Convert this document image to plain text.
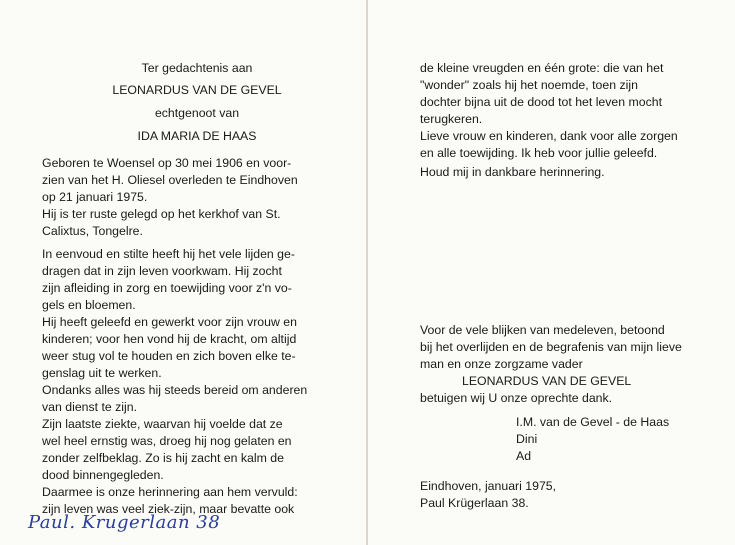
Ter gedachtenis aan
LEONARDUS VAN DE GEVEL
echtgenoot van
IDA MARIA DE HAAS
Geboren te Woensel op 30 mei 1906 en voor-
zien van het H. Oliesel overleden te Eindhoven
op 21 januari 1975.
Hij is ter ruste gelegd op het kerkhof van St.
Calixtus, Tongelre.
In eenvoud en stilte heeft hij het vele lijden ge-
dragen dat in zijn leven voorkwam. Hij zocht
zijn afleiding in zorg en toewijding voor z'n vo-
gels en bloemen.
Hij heeft geleefd en gewerkt voor zijn vrouw en
kinderen; voor hen vond hij de kracht, om altijd
weer stug vol te houden en zich boven elke te-
genslag uit te werken.
Ondanks alles was hij steeds bereid om anderen
van dienst te zijn.
Zijn laatste ziekte, waarvan hij voelde dat ze
wel heel ernstig was, droeg hij nog gelaten en
zonder zelfbeklag. Zo is hij zacht en kalm de
dood binnengegleden.
Daarmee is onze herinnering aan hem vervuld:
zijn leven was veel ziek-zijn, maar bevatte ook
Paul. Krugerlaan 38
de kleine vreugden en één grote: die van het
"wonder" zoals hij het noemde, toen zijn
dochter bijna uit de dood tot het leven mocht
terugkeren.
Lieve vrouw en kinderen, dank voor alle zorgen
en alle toewijding. Ik heb voor jullie geleefd.
Houd mij in dankbare herinnering.
Voor de vele blijken van medeleven, betoond
bij het overlijden en de begrafenis van mijn lieve
man en onze zorgzame vader
LEONARDUS VAN DE GEVEL
betuigen wij U onze oprechte dank.
I.M. van de Gevel - de Haas
Dini
Ad
Eindhoven, januari 1975,
Paul Krügerlaan 38.
